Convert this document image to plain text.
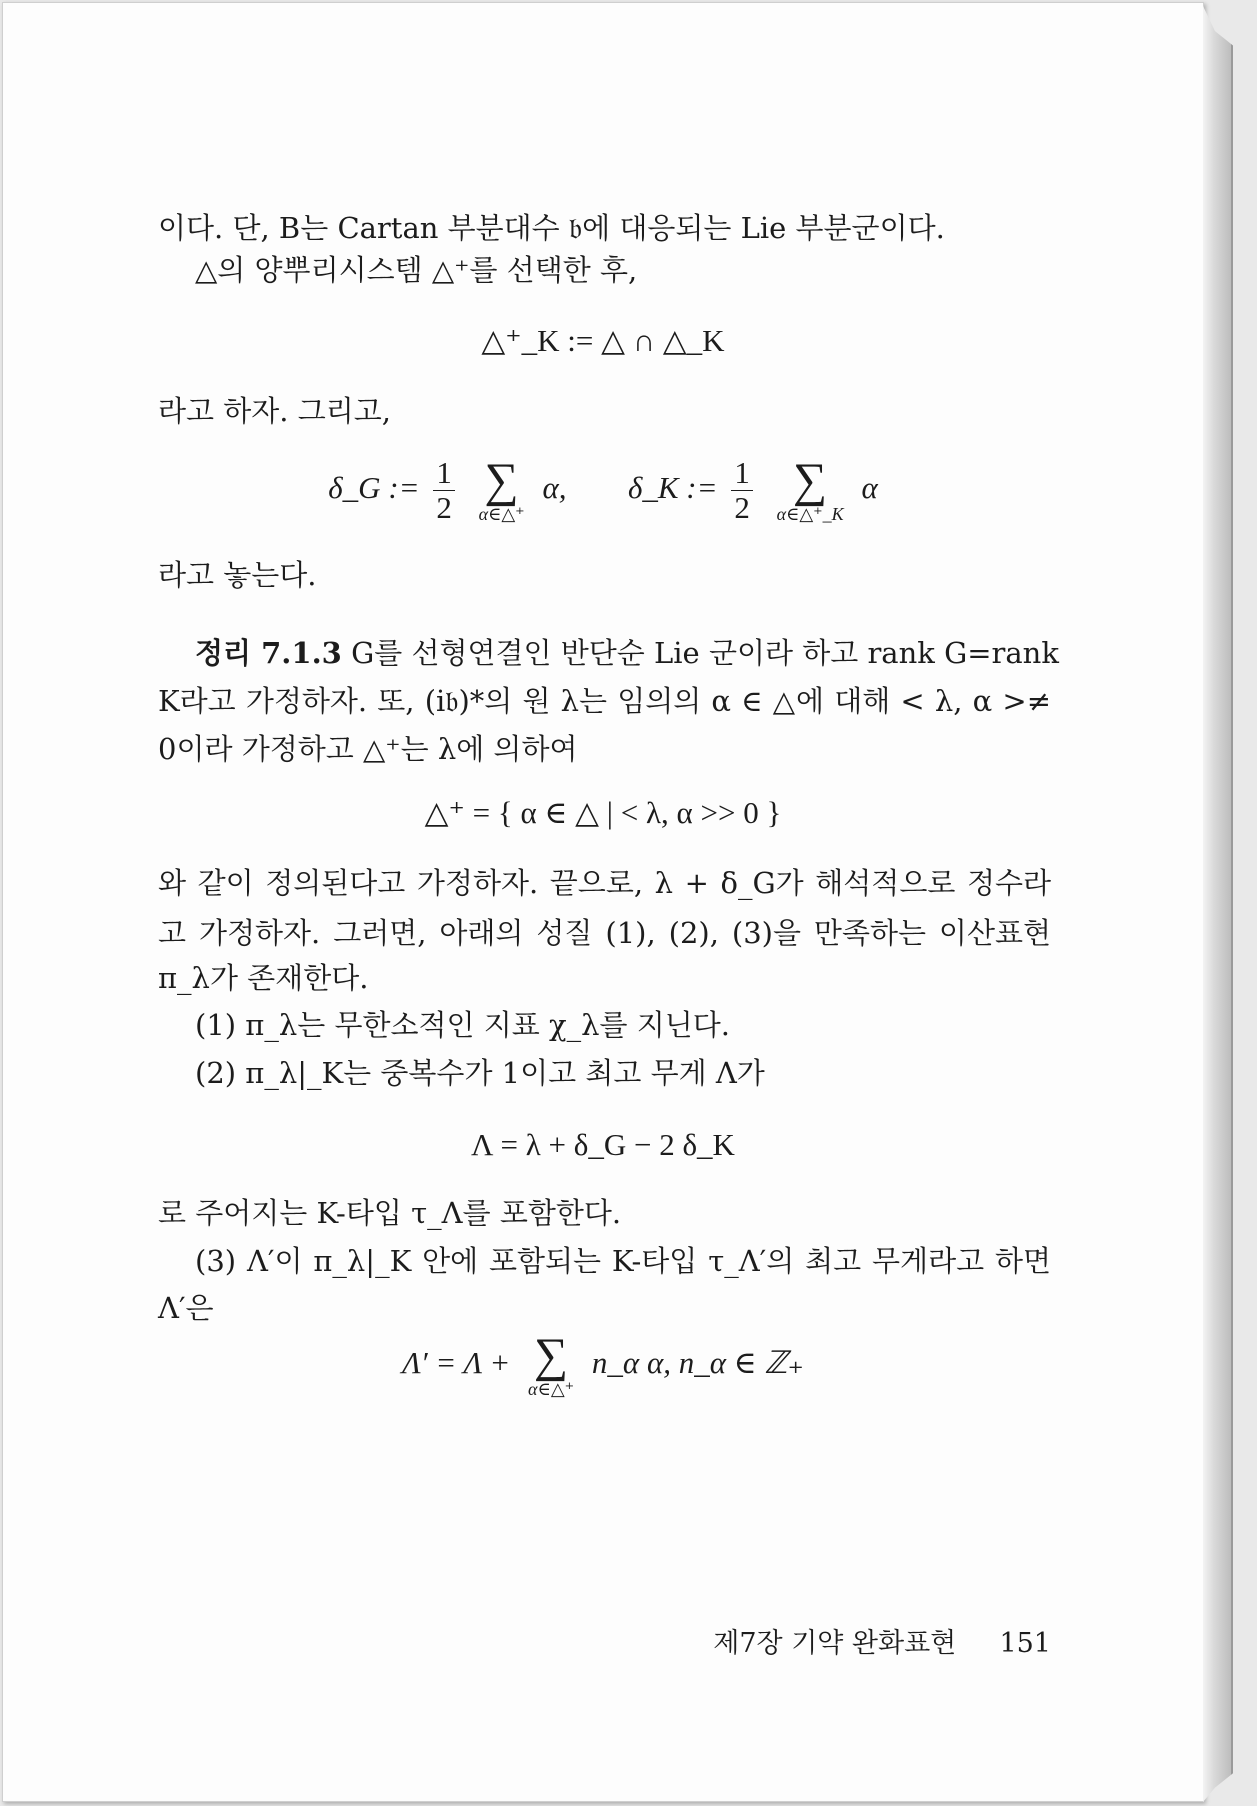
이다. 단, B는 Cartan 부분대수 𝔟에 대응되는 Lie 부분군이다.
△의 양뿌리시스템 △⁺를 선택한 후,
△⁺_K := △ ∩ △_K
라고 하자. 그리고,
δ_G := $\frac{1}{2}$
∑
α∈△⁺
α, δ_K := $\frac{1}{2}$
∑
α∈△⁺_K
α
라고 놓는다.
정리 7.1.3 G를 선형연결인 반단순 Lie 군이라 하고 rank G=rank
K라고 가정하자. 또, (i𝔟)*의 원 λ는 임의의 α ∈ △에 대해 < λ, α >≠
0이라 가정하고 △⁺는 λ에 의하여
△⁺ = { α ∈ △ | < λ, α >> 0 }
와 같이 정의된다고 가정하자. 끝으로, λ + δ_G가 해석적으로 정수라
고 가정하자. 그러면, 아래의 성질 (1), (2), (3)을 만족하는 이산표현
π_λ가 존재한다.
(1) π_λ는 무한소적인 지표 χ_λ를 지닌다.
(2) π_λ|_K는 중복수가 1이고 최고 무게 Λ가
Λ = λ + δ_G − 2 δ_K
로 주어지는 K-타입 τ_Λ를 포함한다.
(3) Λ′이 π_λ|_K 안에 포함되는 K-타입 τ_Λ′의 최고 무게라고 하면
Λ′은
Λ′ = Λ + ∑
α∈△⁺
n_α α, n_α ∈ ℤ₊
제7장 기약 완화표현 151
